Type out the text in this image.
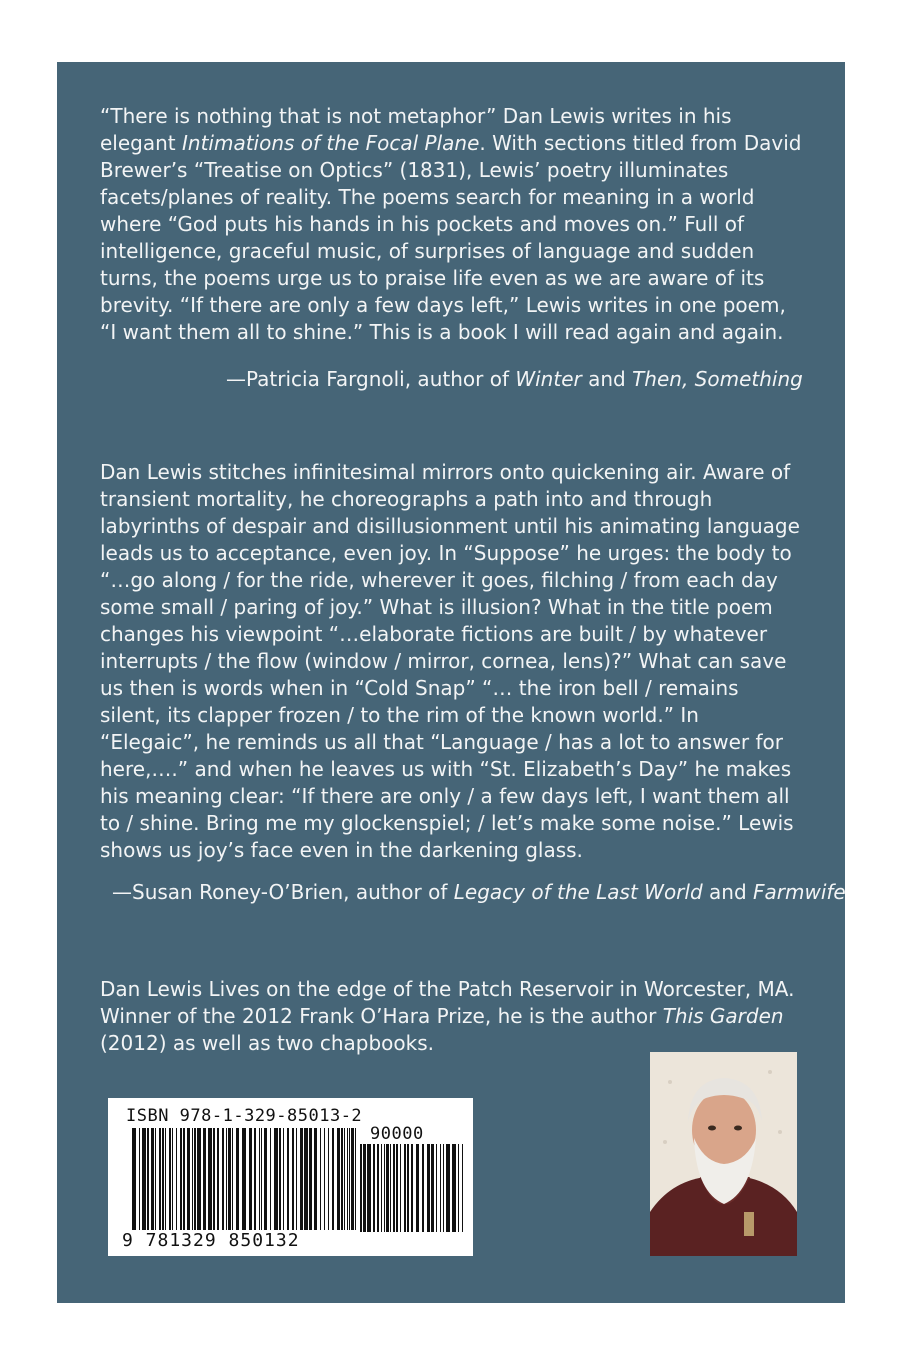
“There is nothing that is not metaphor” Dan Lewis writes in his elegant Intimations of the Focal Plane. With sections titled from David Brewer’s “Treatise on Optics” (1831), Lewis’ poetry illuminates facets/planes of reality. The poems search for meaning in a world where “God puts his hands in his pockets and moves on.” Full of intelligence, graceful music, of surprises of language and sudden turns, the poems urge us to praise life even as we are aware of its brevity. “If there are only a few days left,” Lewis writes in one poem, “I want them all to shine.” This is a book I will read again and again.

—Patricia Fargnoli, author of Winter and Then, Something

Dan Lewis stitches infinitesimal mirrors onto quickening air. Aware of transient mortality, he choreographs a path into and through labyrinths of despair and disillusionment until his animating language leads us to acceptance, even joy. In “Suppose” he urges: the body to “…go along / for the ride, wherever it goes, filching / from each day some small / paring of joy.” What is illusion? What in the title poem changes his viewpoint “…elaborate fictions are built / by whatever interrupts / the flow (window / mirror, cornea, lens)?” What can save us then is words when in “Cold Snap” “… the iron bell / remains silent, its clapper frozen / to the rim of the known world.” In “Elegaic”, he reminds us all that “Language / has a lot to answer for here,….” and when he leaves us with “St. Elizabeth’s Day” he makes his meaning clear: “If there are only / a few days left, I want them all to / shine. Bring me my glockenspiel; / let’s make some noise.” Lewis shows us joy’s face even in the darkening glass.

—Susan Roney-O’Brien, author of Legacy of the Last World and Farmwife

Dan Lewis Lives on the edge of the Patch Reservoir in Worcester, MA. Winner of the 2012 Frank O’Hara Prize, he is the author This Garden (2012) as well as two chapbooks.

ISBN 978-1-329-85013-2
90000
9 781329 850132
